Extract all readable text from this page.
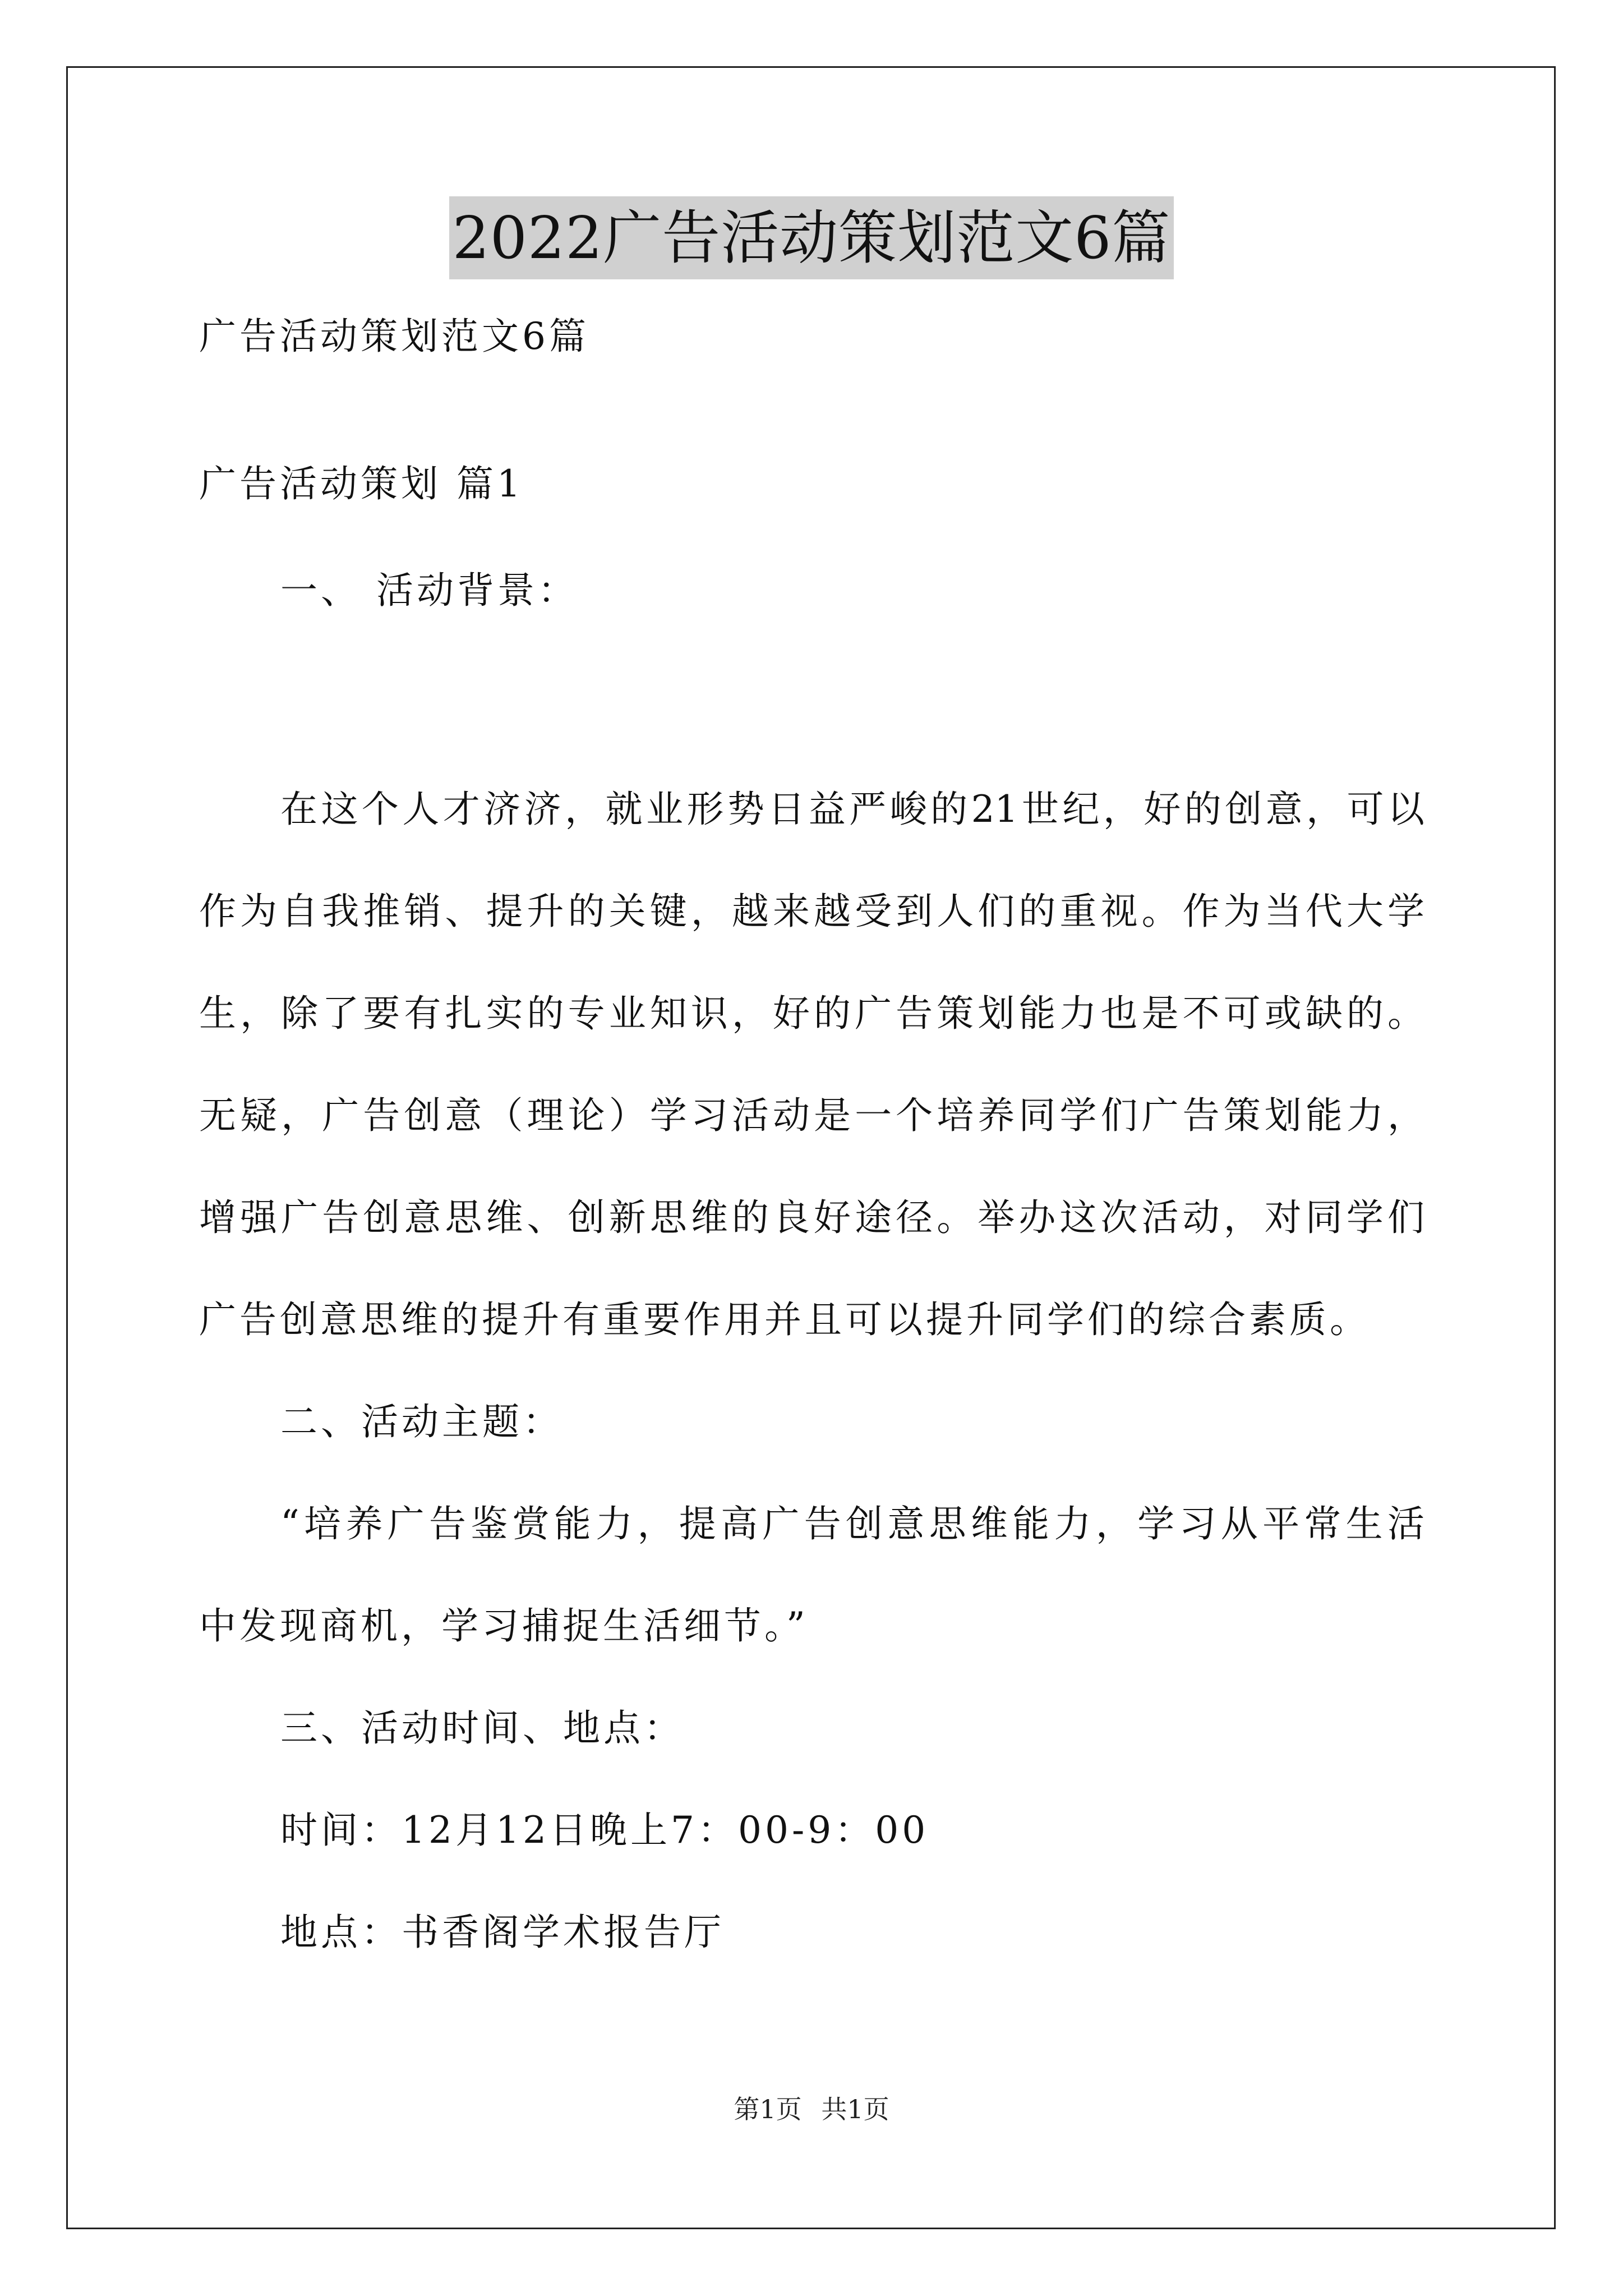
2022广告活动策划范文6篇
广告活动策划范文6篇
广告活动策划 篇1
一、 活动背景：
在这个人才济济，就业形势日益严峻的21世纪，好的创意，可以
作为自我推销、提升的关键，越来越受到人们的重视。作为当代大学
生，除了要有扎实的专业知识，好的广告策划能力也是不可或缺的。
无疑，广告创意（理论）学习活动是一个培养同学们广告策划能力，
增强广告创意思维、创新思维的良好途径。举办这次活动，对同学们
广告创意思维的提升有重要作用并且可以提升同学们的综合素质。
二、活动主题：
“培养广告鉴赏能力，提高广告创意思维能力，学习从平常生活
中发现商机，学习捕捉生活细节。”
三、活动时间、地点：
时间：12月12日晚上7：00-9：00
地点：书香阁学术报告厅
第1页 共1页
